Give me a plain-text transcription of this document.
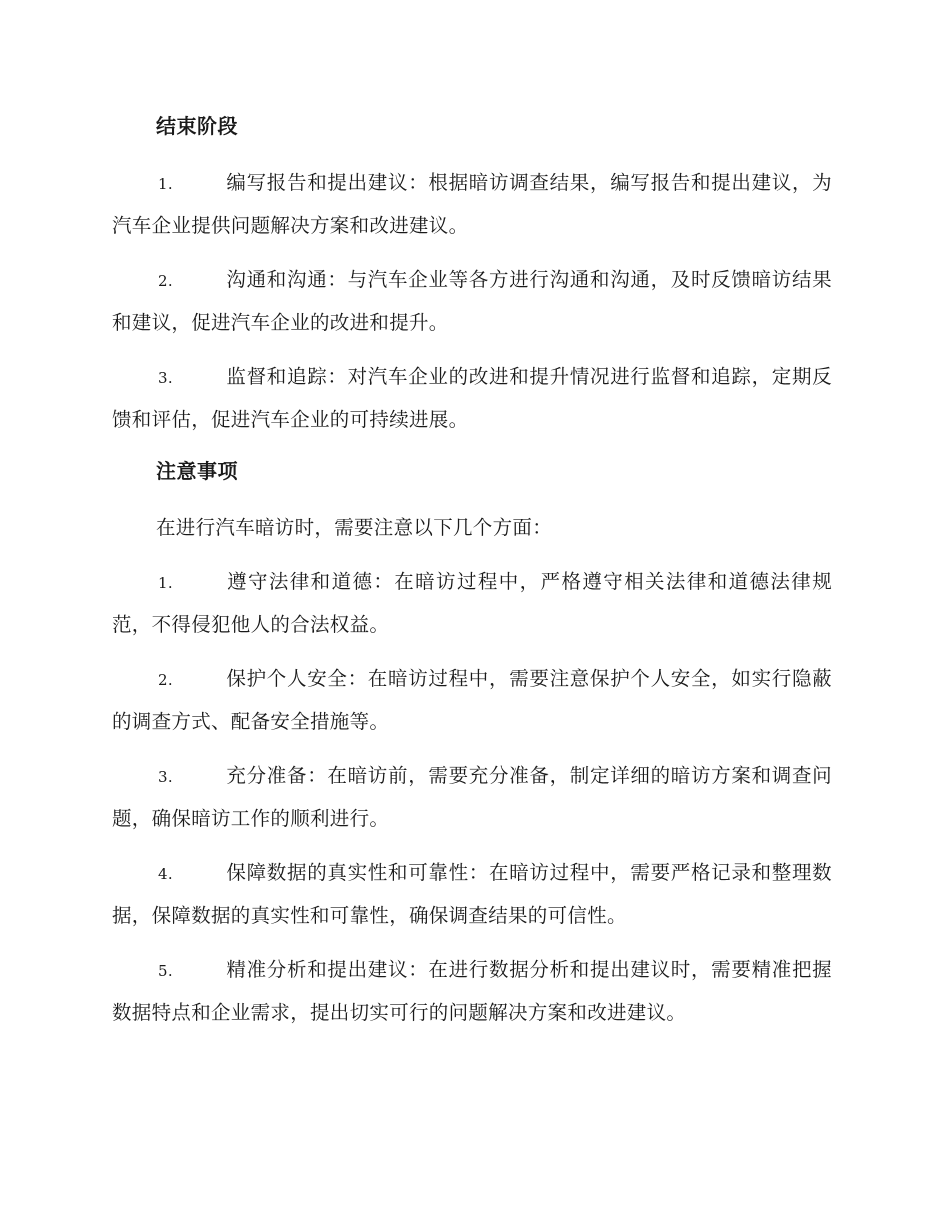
结束阶段
1.	编写报告和提出建议：根据暗访调查结果，编写报告和提出建议，为汽车企业提供问题解决方案和改进建议。
2.	沟通和沟通：与汽车企业等各方进行沟通和沟通，及时反馈暗访结果和建议，促进汽车企业的改进和提升。
3.	监督和追踪：对汽车企业的改进和提升情况进行监督和追踪，定期反馈和评估，促进汽车企业的可持续进展。
注意事项
在进行汽车暗访时，需要注意以下几个方面：
1.	遵守法律和道德：在暗访过程中，严格遵守相关法律和道德法律规范，不得侵犯他人的合法权益。
2.	保护个人安全：在暗访过程中，需要注意保护个人安全，如实行隐蔽的调查方式、配备安全措施等。
3.	充分准备：在暗访前，需要充分准备，制定详细的暗访方案和调查问题，确保暗访工作的顺利进行。
4.	保障数据的真实性和可靠性：在暗访过程中，需要严格记录和整理数据，保障数据的真实性和可靠性，确保调查结果的可信性。
5.	精准分析和提出建议：在进行数据分析和提出建议时，需要精准把握数据特点和企业需求，提出切实可行的问题解决方案和改进建议。
